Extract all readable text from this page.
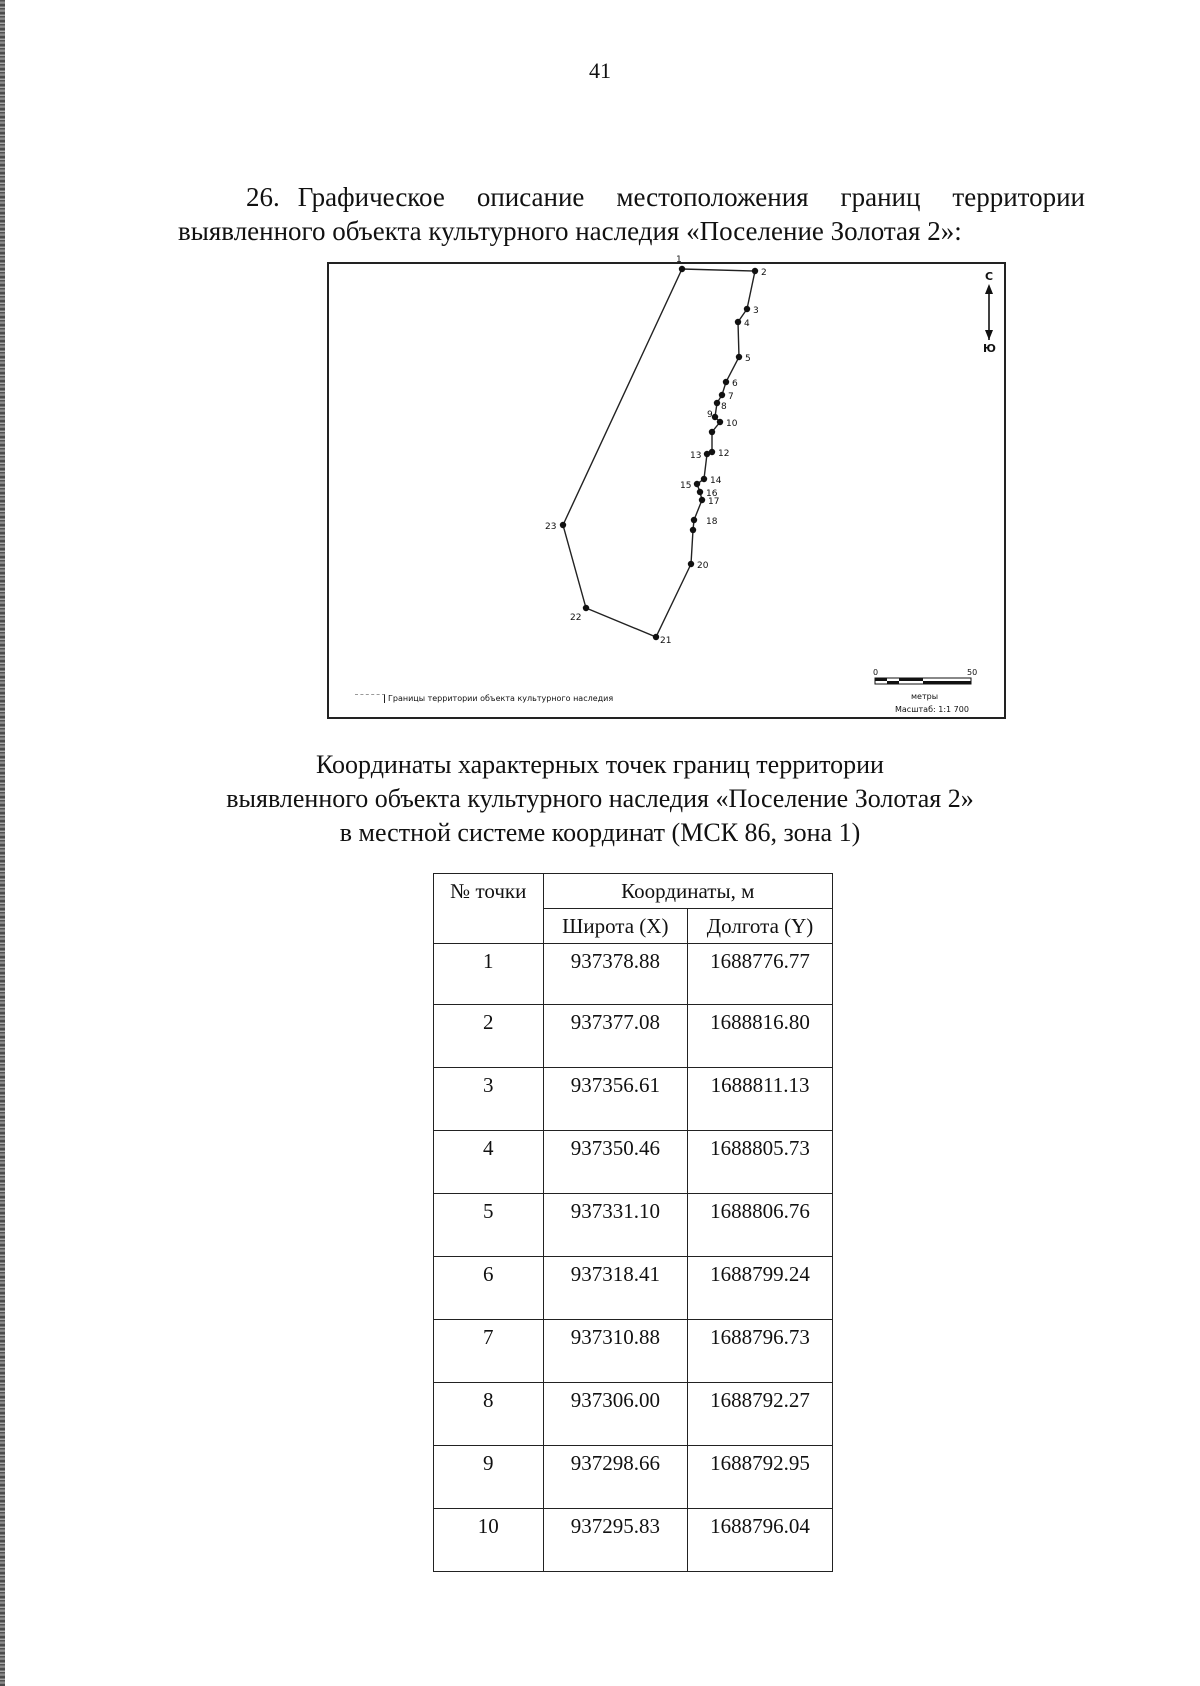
41
26. Графическое описание местоположения границ территории
выявленного объекта культурного наследия «Поселение Золотая 2»:
1
2
3
4
5
6
7
8
9
10
12
13
14
15
16
17
18
20
21
22
23
С
Ю
0	50
метры
Масштаб: 1:1 700
Границы территории объекта культурного наследия
Координаты характерных точек границ территории
выявленного объекта культурного наследия «Поселение Золотая 2»
в местной системе координат (МСК 86, зона 1)
№ точки	Координаты, м	
	Широта (X)	Долгота (Y)
1	937378.88	1688776.77
2	937377.08	1688816.80
3	937356.61	1688811.13
4	937350.46	1688805.73
5	937331.10	1688806.76
6	937318.41	1688799.24
7	937310.88	1688796.73
8	937306.00	1688792.27
9	937298.66	1688792.95
10	937295.83	1688796.04
